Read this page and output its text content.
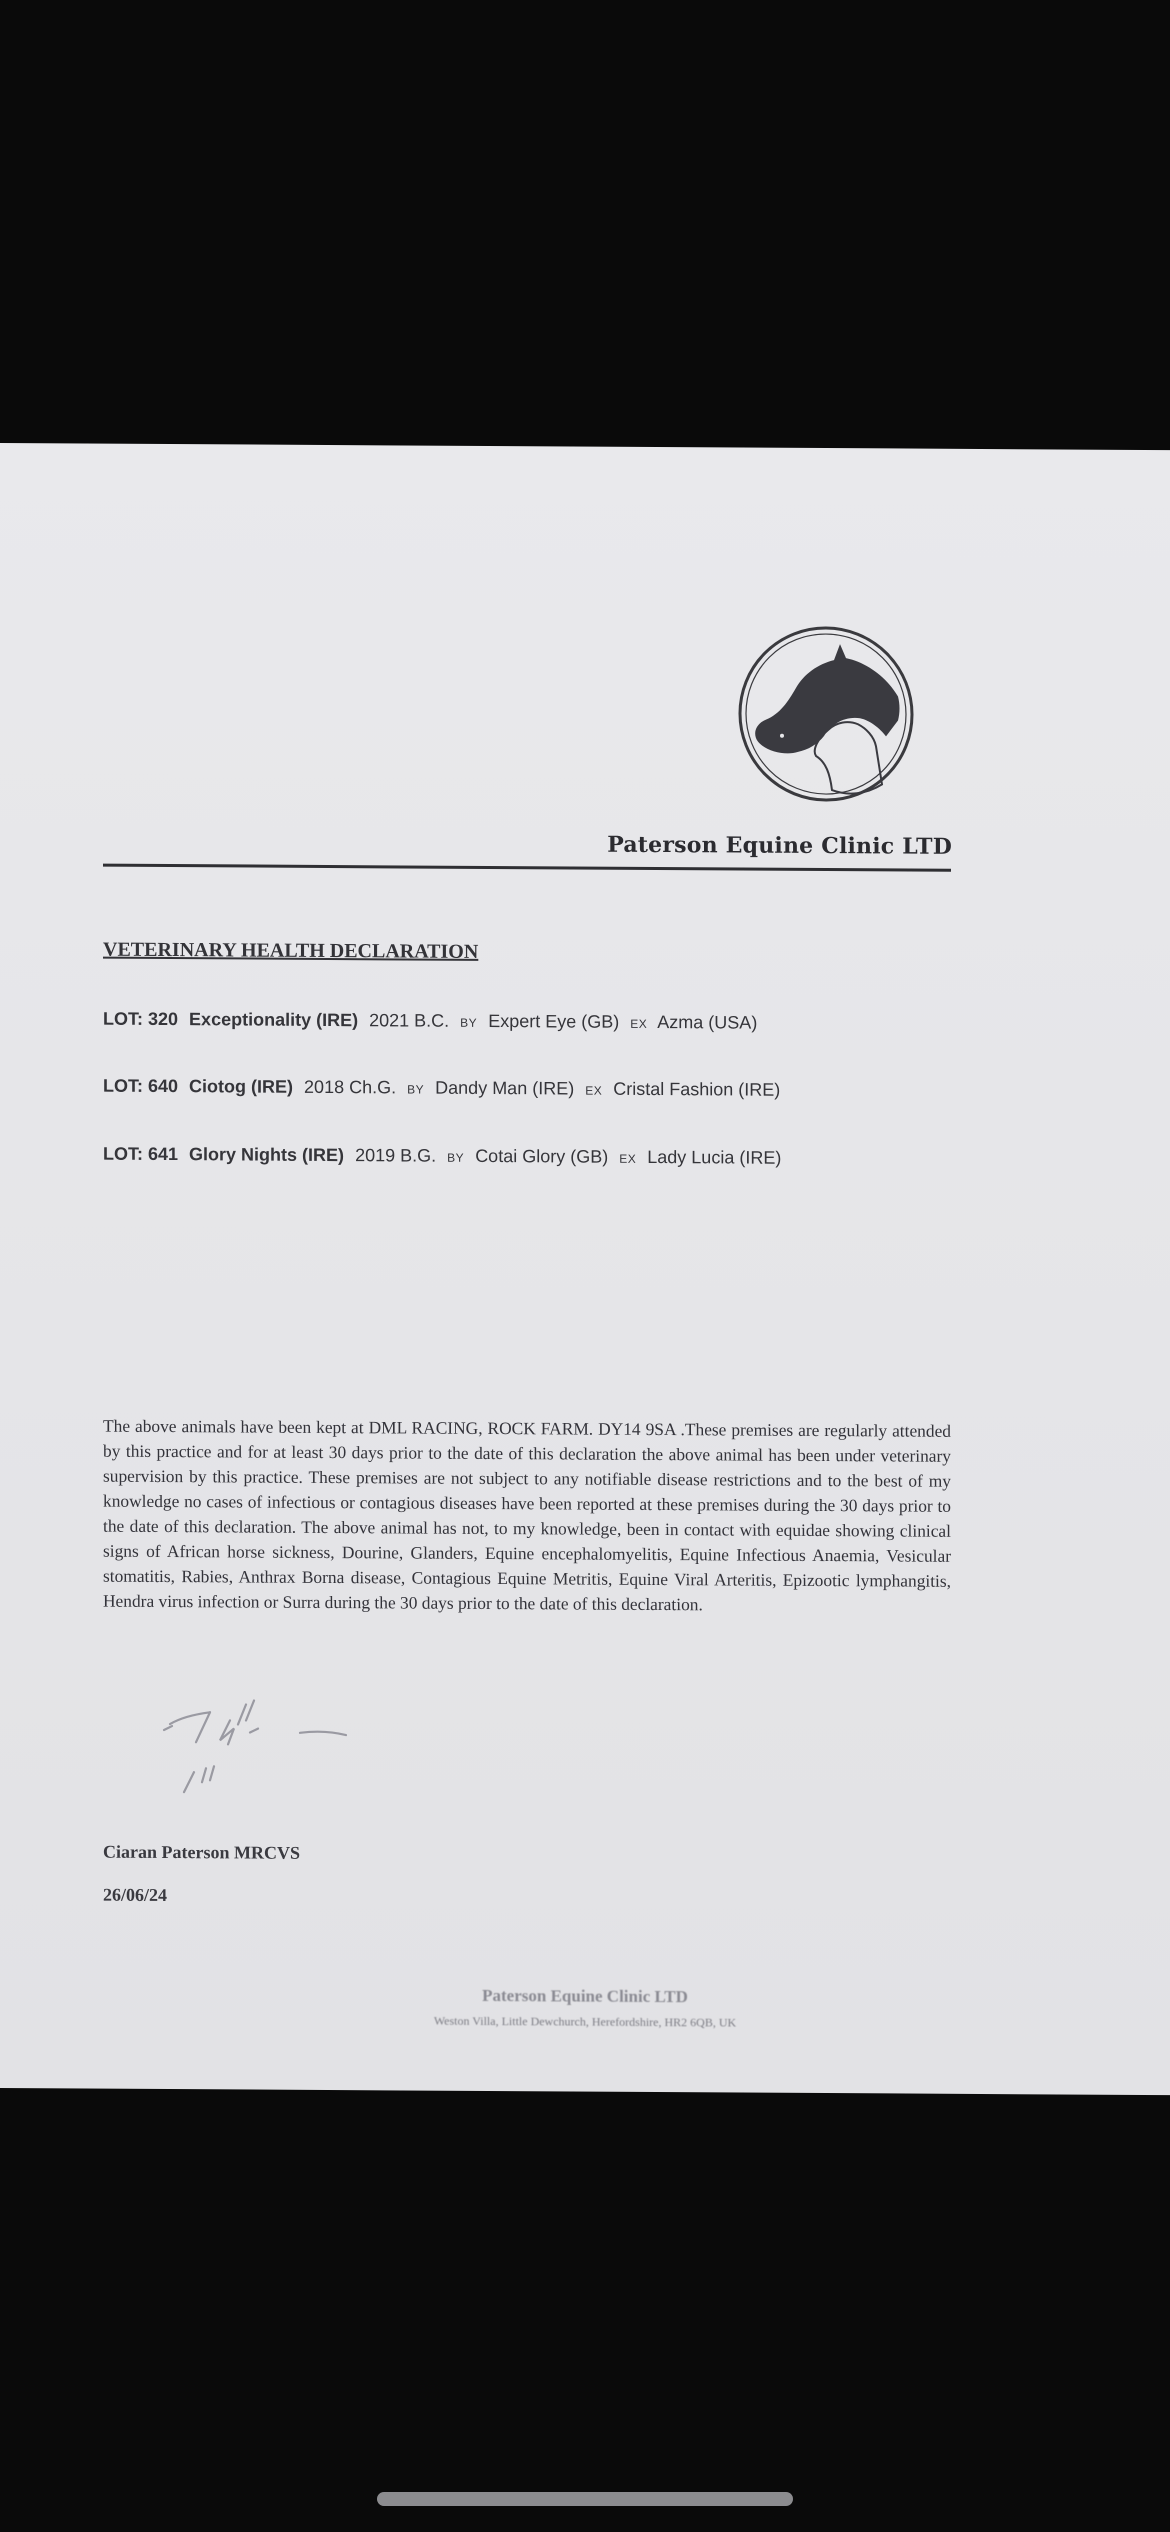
Paterson Equine Clinic LTD
VETERINARY HEALTH DECLARATION
LOT: 320 Exceptionality (IRE) 2021 B.C. BY Expert Eye (GB) EX Azma (USA)
LOT: 640 Ciotog (IRE) 2018 Ch.G. BY Dandy Man (IRE) EX Cristal Fashion (IRE)
LOT: 641 Glory Nights (IRE) 2019 B.G. BY Cotai Glory (GB) EX Lady Lucia (IRE)
The above animals have been kept at DML RACING, ROCK FARM. DY14 9SA .These premises are regularly attended by this practice and for at least 30 days prior to the date of this declaration the above animal has been under veterinary supervision by this practice. These premises are not subject to any notifiable disease restrictions and to the best of my knowledge no cases of infectious or contagious diseases have been reported at these premises during the 30 days prior to the date of this declaration. The above animal has not, to my knowledge, been in contact with equidae showing clinical signs of African horse sickness, Dourine, Glanders, Equine encephalomyelitis, Equine Infectious Anaemia, Vesicular stomatitis, Rabies, Anthrax Borna disease, Contagious Equine Metritis, Equine Viral Arteritis, Epizootic lymphangitis, Hendra virus infection or Surra during the 30 days prior to the date of this declaration.
Ciaran Paterson MRCVS
26/06/24
Paterson Equine Clinic LTD
Weston Villa, Little Dewchurch, Herefordshire, HR2 6QB, UK
